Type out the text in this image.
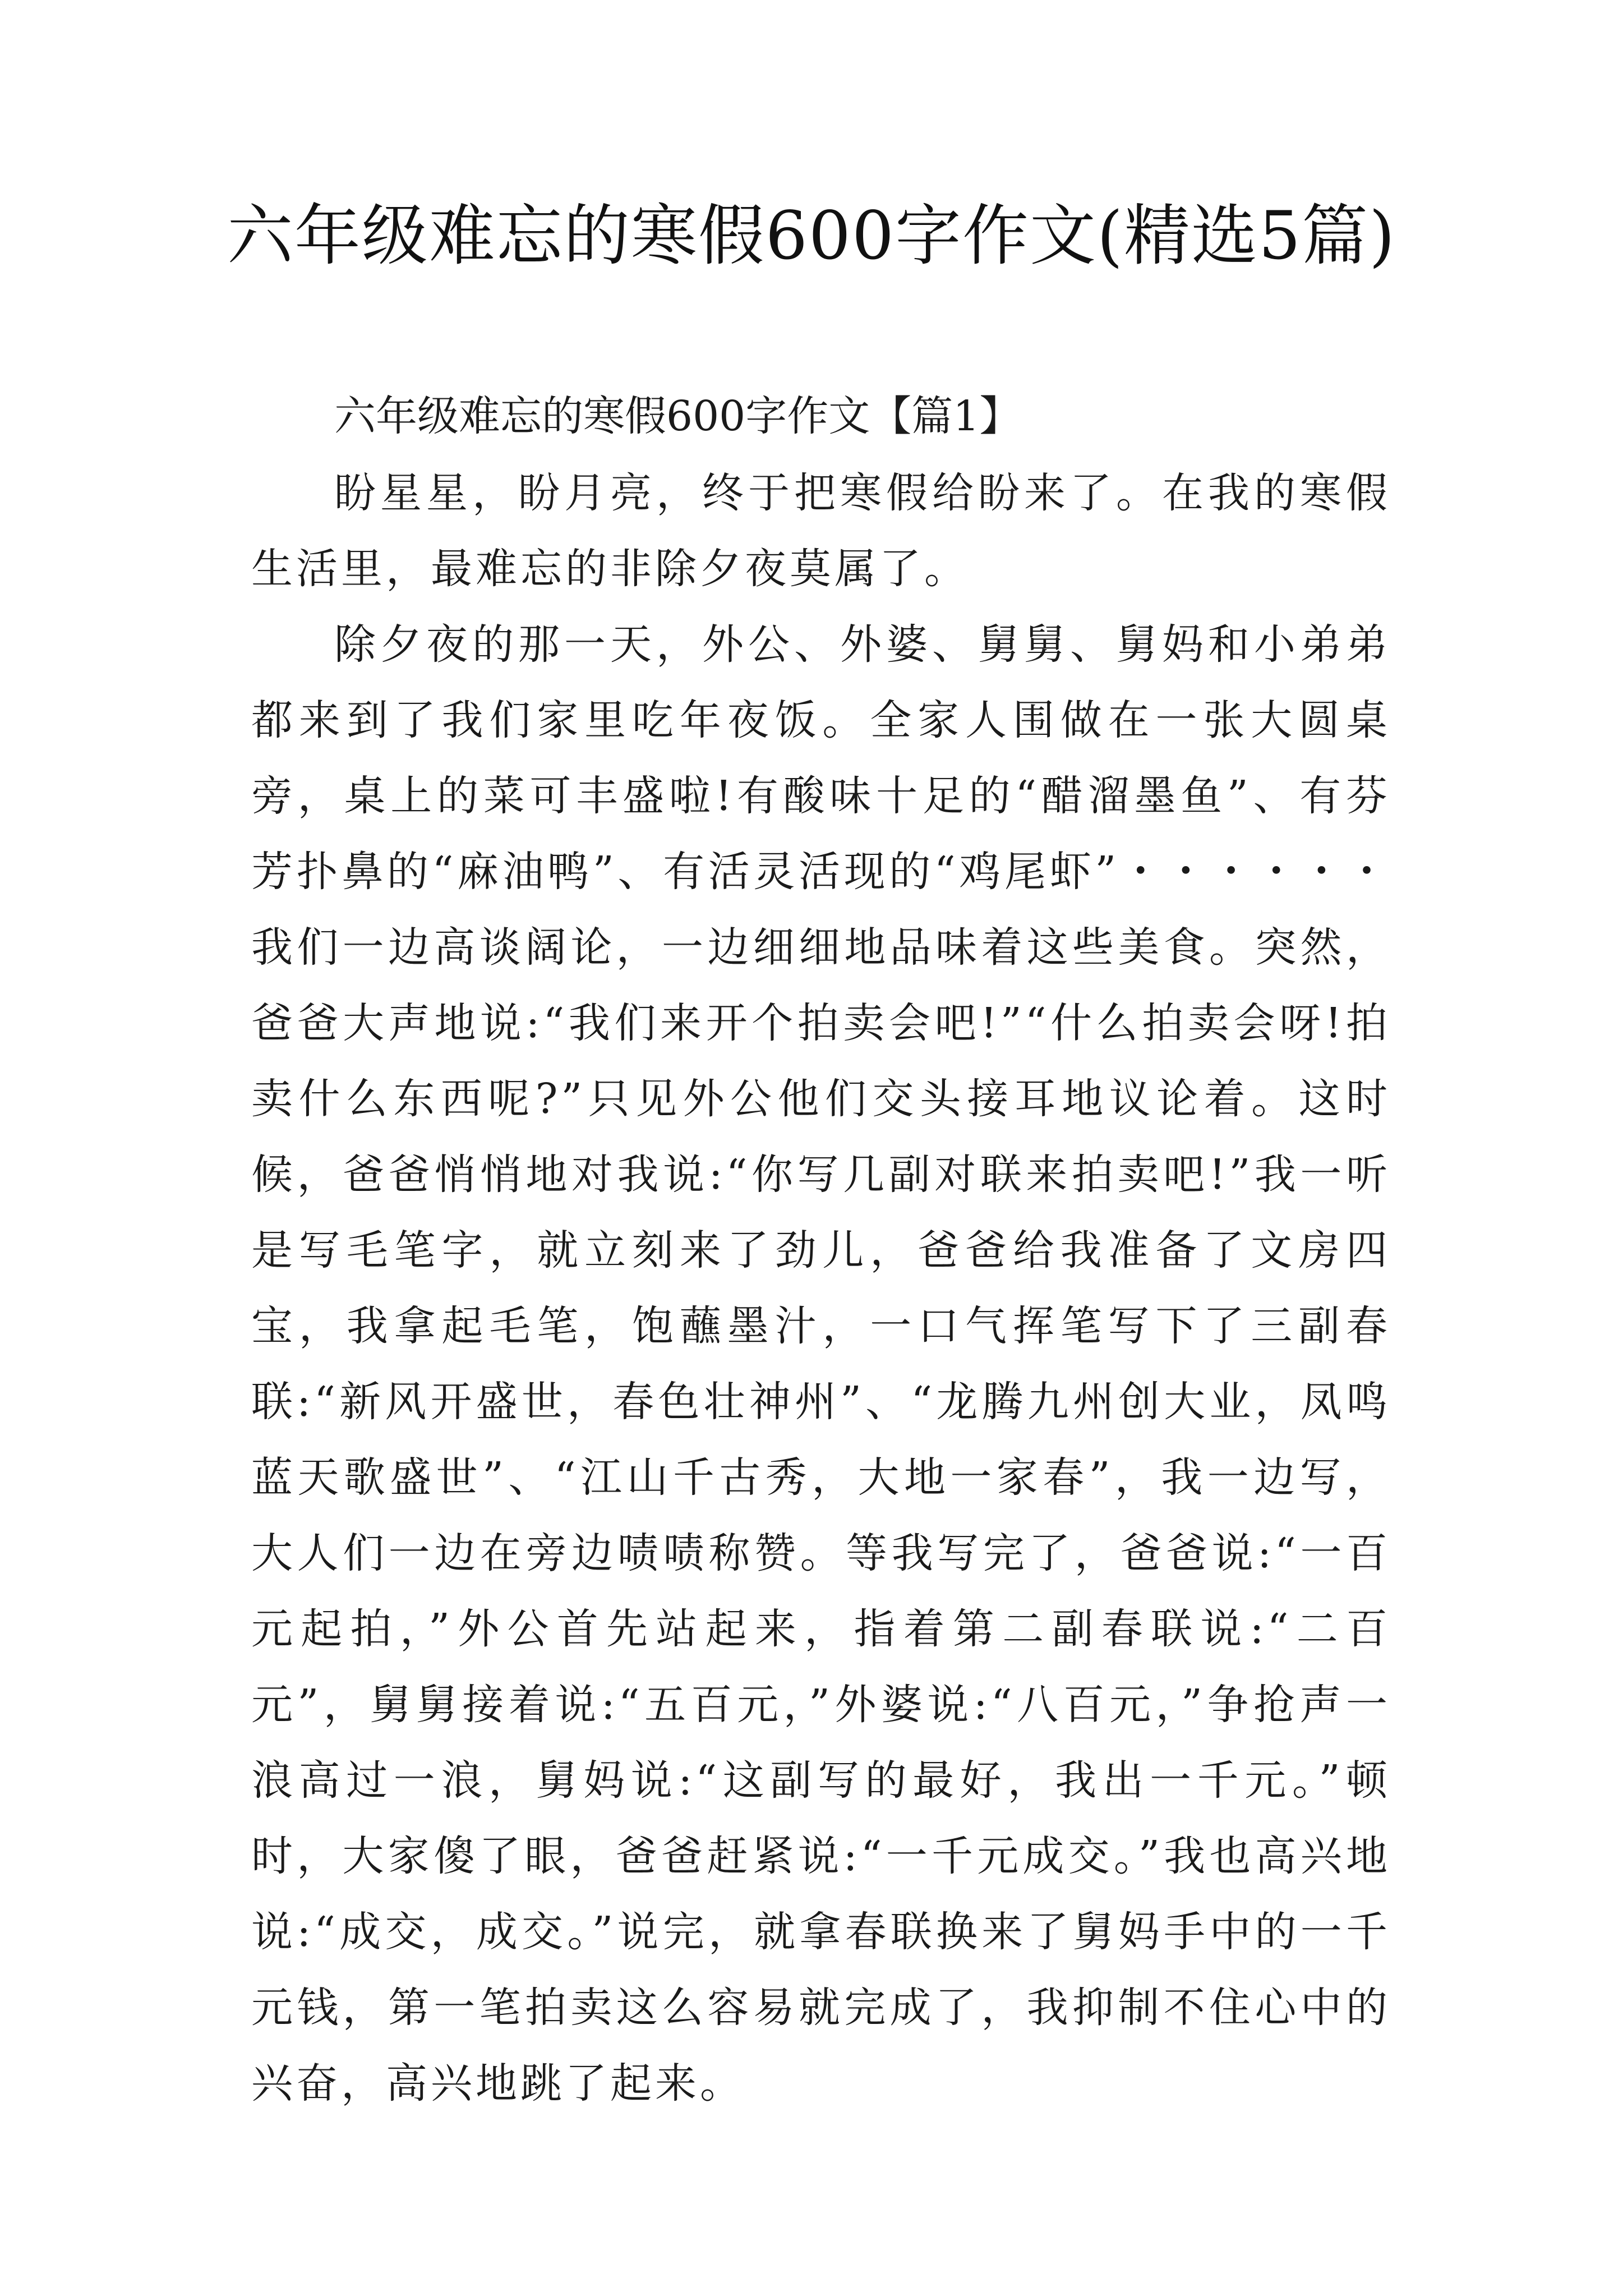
六年级难忘的寒假600字作文(精选5篇)
六年级难忘的寒假600字作文【篇1】

盼星星，盼月亮，终于把寒假给盼来了。在我的寒假生活里，最难忘的非除夕夜莫属了。

除夕夜的那一天，外公、外婆、舅舅、舅妈和小弟弟都来到了我们家里吃年夜饭。全家人围做在一张大圆桌旁，桌上的菜可丰盛啦!有酸味十足的“醋溜墨鱼”、有芬芳扑鼻的“麻油鸭”、有活灵活现的“鸡尾虾”・・・・・・我们一边高谈阔论，一边细细地品味着这些美食。突然，爸爸大声地说:“我们来开个拍卖会吧!”“什么拍卖会呀!拍卖什么东西呢?”只见外公他们交头接耳地议论着。这时候，爸爸悄悄地对我说:“你写几副对联来拍卖吧!”我一听是写毛笔字，就立刻来了劲儿，爸爸给我准备了文房四宝，我拿起毛笔，饱蘸墨汁，一口气挥笔写下了三副春联:“新风开盛世，春色壮神州”、“龙腾九州创大业，凤鸣蓝天歌盛世”、“江山千古秀，大地一家春”，我一边写，大人们一边在旁边啧啧称赞。等我写完了，爸爸说:“一百元起拍，”外公首先站起来，指着第二副春联说:“二百元”，舅舅接着说:“五百元，”外婆说:“八百元，”争抢声一浪高过一浪，舅妈说:“这副写的最好，我出一千元。”顿时，大家傻了眼，爸爸赶紧说:“一千元成交。”我也高兴地说:“成交，成交。”说完，就拿春联换来了舅妈手中的一千元钱，第一笔拍卖这么容易就完成了，我抑制不住心中的兴奋，高兴地跳了起来。
